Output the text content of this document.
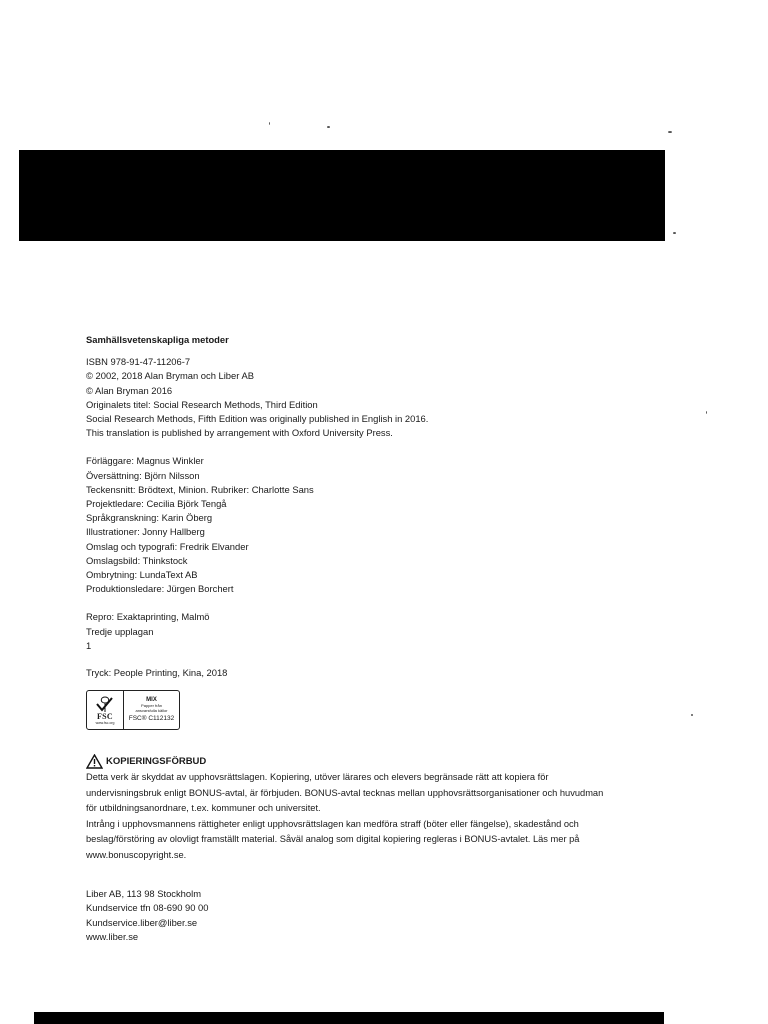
Samhällsvetenskapliga metoder

ISBN 978-91-47-11206-7

© 2002, 2018 Alan Bryman och Liber AB

© Alan Bryman 2016

Originalets titel: Social Research Methods, Third Edition

Social Research Methods, Fifth Edition was originally published in English in 2016.

This translation is published by arrangement with Oxford University Press.

Förläggare: Magnus Winkler

Översättning: Björn Nilsson

Teckensnitt: Brödtext, Minion. Rubriker: Charlotte Sans

Projektledare: Cecilia Björk Tengå

Språkgranskning: Karin Öberg

Illustrationer: Jonny Hallberg

Omslag och typografi: Fredrik Elvander

Omslagsbild: Thinkstock

Ombrytning: LundaText AB

Produktionsledare: Jürgen Borchert

Repro: Exaktaprinting, Malmö

Tredje upplagan

1

Tryck: People Printing, Kina, 2018

FSC
www.fsc.org
MIX
Papper från
ansvarsfulla källor
FSC® C112132
KOPIERINGSFÖRBUD

Detta verk är skyddat av upphovsrättslagen. Kopiering, utöver lärares och elevers begränsade rätt att kopiera för undervisningsbruk enligt BONUS-avtal, är förbjuden. BONUS-avtal tecknas mellan upphovsrättsorganisationer och huvudman för utbildningsanordnare, t.ex. kommuner och universitet.

Intrång i upphovsmannens rättigheter enligt upphovsrättslagen kan medföra straff (böter eller fängelse), skadestånd och beslag/förstöring av olovligt framställt material. Såväl analog som digital kopiering regleras i BONUS-avtalet. Läs mer på www.bonuscopyright.se.

Liber AB, 113 98 Stockholm

Kundservice tfn 08-690 90 00

Kundservice.liber@liber.se

www.liber.se
